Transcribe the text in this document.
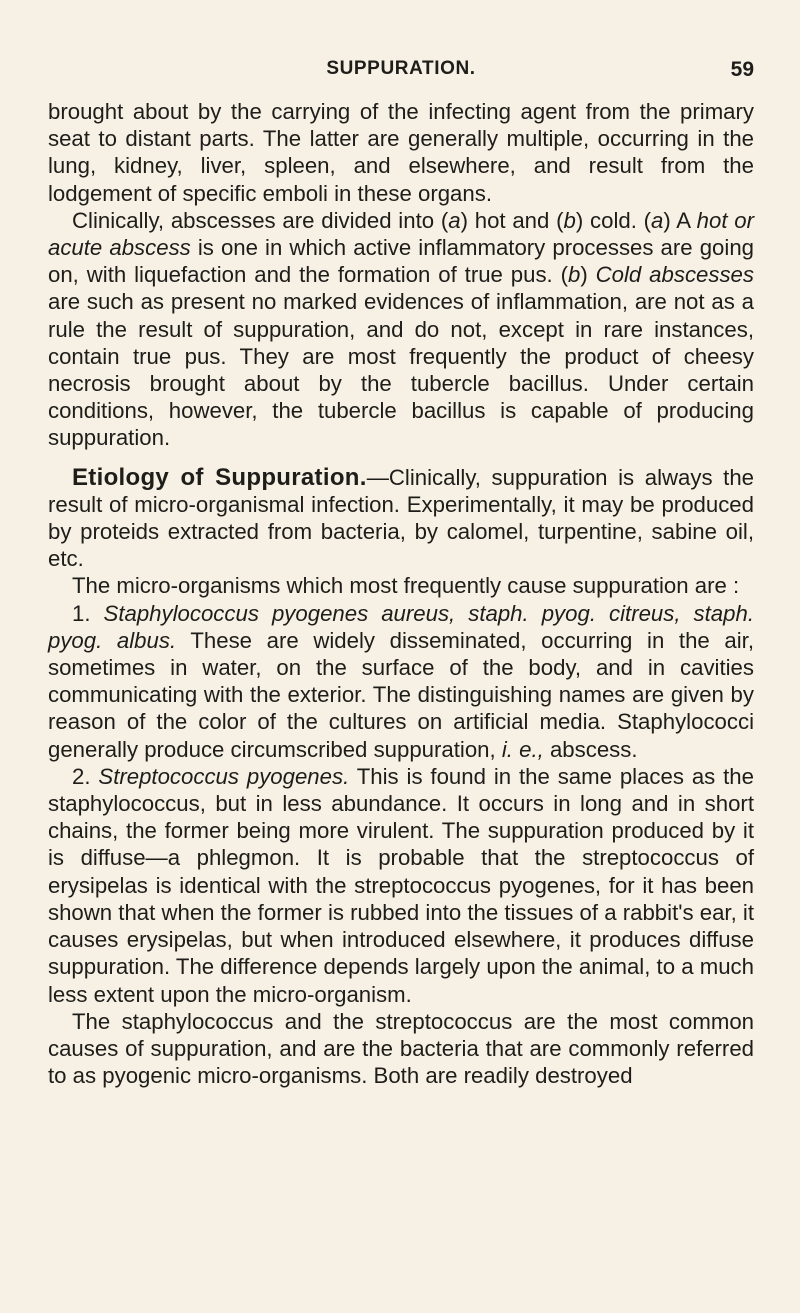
SUPPURATION.	59

brought about by the carrying of the infecting agent from the primary seat to distant parts. The latter are generally multiple, occurring in the lung, kidney, liver, spleen, and elsewhere, and result from the lodgement of specific emboli in these organs.

Clinically, abscesses are divided into (a) hot and (b) cold. (a) A hot or acute abscess is one in which active inflammatory processes are going on, with liquefaction and the formation of true pus. (b) Cold abscesses are such as present no marked evidences of inflammation, are not as a rule the result of suppuration, and do not, except in rare instances, contain true pus. They are most frequently the product of cheesy necrosis brought about by the tubercle bacillus. Under certain conditions, however, the tubercle bacillus is capable of producing suppuration.

Etiology of Suppuration.—Clinically, suppuration is always the result of micro-organismal infection. Experimentally, it may be produced by proteids extracted from bacteria, by calomel, turpentine, sabine oil, etc.

The micro-organisms which most frequently cause suppuration are :

1. Staphylococcus pyogenes aureus, staph. pyog. citreus, staph. pyog. albus. These are widely disseminated, occurring in the air, sometimes in water, on the surface of the body, and in cavities communicating with the exterior. The distinguishing names are given by reason of the color of the cultures on artificial media. Staphylococci generally produce circumscribed suppuration, i. e., abscess.

2. Streptococcus pyogenes. This is found in the same places as the staphylococcus, but in less abundance. It occurs in long and in short chains, the former being more virulent. The suppuration produced by it is diffuse—a phlegmon. It is probable that the streptococcus of erysipelas is identical with the streptococcus pyogenes, for it has been shown that when the former is rubbed into the tissues of a rabbit's ear, it causes erysipelas, but when introduced elsewhere, it produces diffuse suppuration. The difference depends largely upon the animal, to a much less extent upon the micro-organism.

The staphylococcus and the streptococcus are the most common causes of suppuration, and are the bacteria that are commonly referred to as pyogenic micro-organisms. Both are readily destroyed
